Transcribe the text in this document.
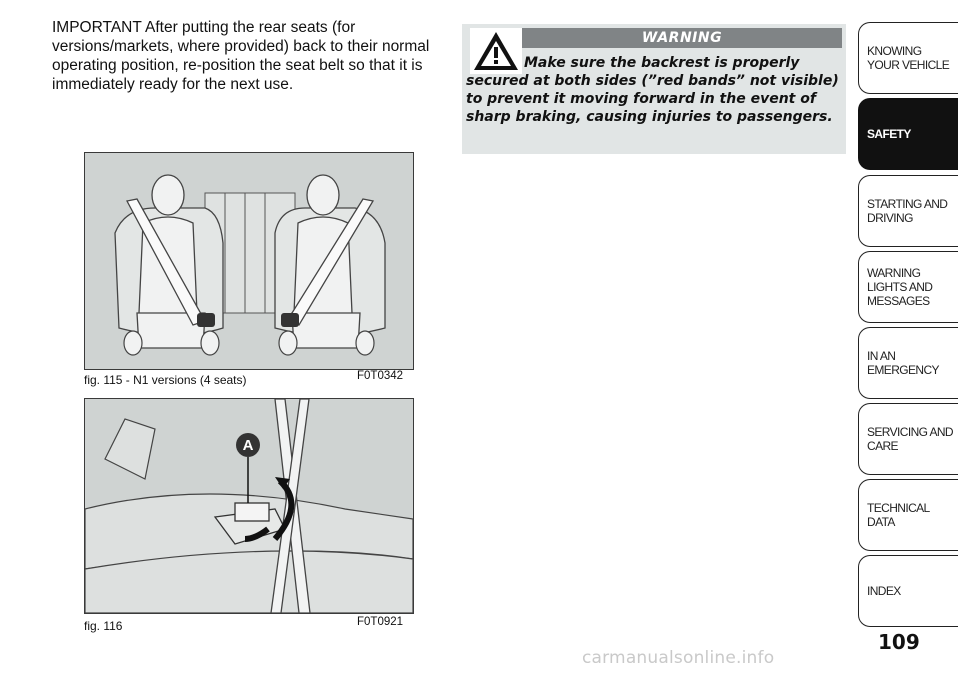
IMPORTANT After putting the rear seats (for versions/markets, where provided) back to their normal operating position, re-position the seat belt so that it is immediately ready for the next use.

fig. 115 - N1 versions (4 seats)	F0T0342
A
fig. 116	F0T0921
WARNING

Make sure the backrest is properly secured at both sides (”red bands” not visible) to prevent it moving forward in the event of sharp braking, causing injuries to passengers.

KNOWING YOUR VEHICLE
SAFETY
STARTING AND DRIVING
WARNING LIGHTS AND MESSAGES
IN AN EMERGENCY
SERVICING AND CARE
TECHNICAL DATA
INDEX
109
carmanualsonline.info
